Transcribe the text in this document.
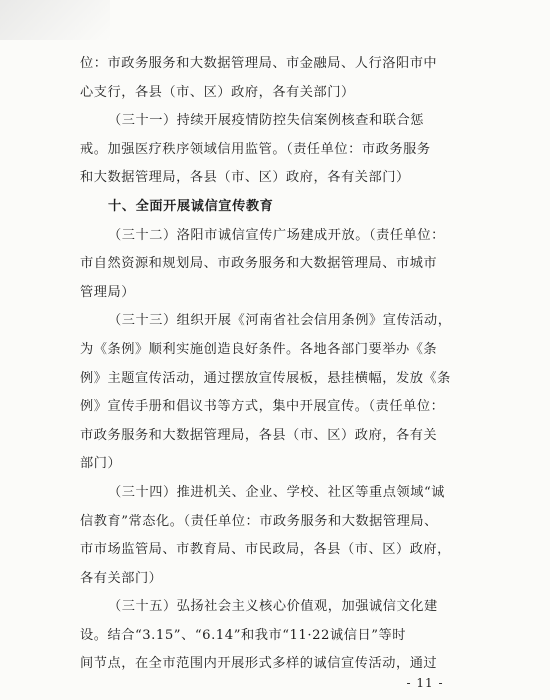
位：市政务服务和大数据管理局、市金融局、人行洛阳市中
心支行，各县（市、区）政府，各有关部门）
（三十一）持续开展疫情防控失信案例核查和联合惩
戒。加强医疗秩序领域信用监管。（责任单位：市政务服务
和大数据管理局，各县（市、区）政府，各有关部门）
十、全面开展诚信宣传教育
（三十二）洛阳市诚信宣传广场建成开放。（责任单位：
市自然资源和规划局、市政务服务和大数据管理局、市城市
管理局）
（三十三）组织开展《河南省社会信用条例》宣传活动，
为《条例》顺利实施创造良好条件。各地各部门要举办《条
例》主题宣传活动，通过摆放宣传展板，悬挂横幅，发放《条
例》宣传手册和倡议书等方式，集中开展宣传。（责任单位：
市政务服务和大数据管理局，各县（市、区）政府，各有关
部门）
（三十四）推进机关、企业、学校、社区等重点领域“诚
信教育”常态化。（责任单位：市政务服务和大数据管理局、
市市场监管局、市教育局、市民政局，各县（市、区）政府，
各有关部门）
（三十五）弘扬社会主义核心价值观，加强诚信文化建
设。结合“3.15”、“6.14”和我市“11·22诚信日”等时
间节点，在全市范围内开展形式多样的诚信宣传活动，通过
- 11 -
